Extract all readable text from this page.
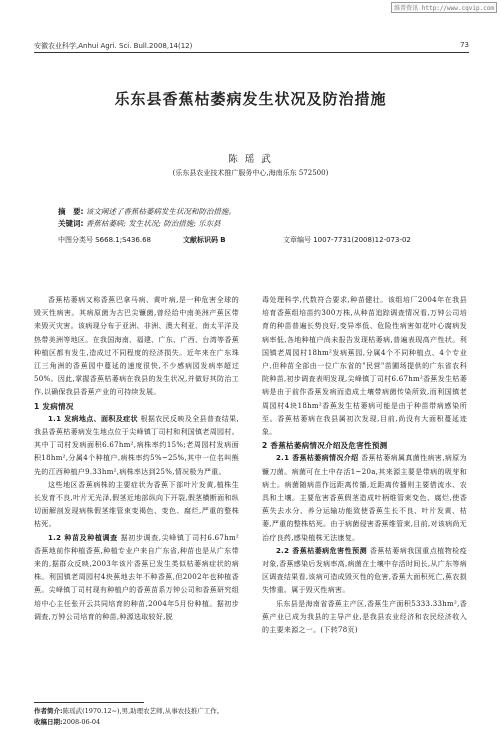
维普资讯 http://www.cqvip.com
安徽农业科学,Anhui Agri. Sci. Bull.2008,14(12)	73
乐东县香蕉枯萎病发生状况及防治措施
陈 瑶 武
(乐东县农业技术推广服务中心,海南乐东 572500)
摘　要: 该文阐述了香蕉枯萎病发生状况和防治措施。
关键词: 香蕉枯萎病; 发生状况; 防治措施; 乐东县
中图分类号 S668.1;S436.68	文献标识码 B	文章编号 1007-7731(2008)12-073-02

香蕉枯萎病又称香蕉巴拿马病、黄叶病,是一种危害全球的毁灭性病害。其病原菌为古巴尖镰菌,曾经给中南美洲产蕉区带来毁灭灾害。该病现分布于亚洲、非洲、澳大利亚、南太平洋及热带美洲等地区。在我国海南、福建、广东、广西、台湾等香蕉种植区都有发生,造成过不同程度的经济损失。近年来在广东珠江三角洲的香蕉园中蔓延的速度很快,不少感病园发病率超过50%。因此,掌握香蕉枯萎病在我县的发生状况,并做好其防治工作,以确保我县香蕉产业的可持续发展。

1 发病情况

1.1 发病地点、面积及症状 根据农民反映及全县普查结果,我县香蕉枯萎病发生地点位于尖峰镇丁司村和利国镇老周园村。其中丁司村发病面积6.67hm²,病株率约15%;老周园村发病面积18hm²,分属4个种植户,病株率约5%~25%,其中一位名叫熊先的江西种植户9.33hm²,病株率达到25%,情况极为严重。

这些地区香蕉病株的主要症状为香蕉下部叶片发黄,植株生长发育不良,叶片无光泽,假茎近地部纵向下开裂,假茎横断面和纵切面解剖发现病株假茎维管束变褐色、变色、腐烂,严重的整株枯死。

1.2 种苗及种植调查 据初步调查,尖峰镇丁司村6.67hm²香蕉地前作种植香蕉,种植专业户来自广东省,种苗也是从广东带来的,据群众反映,2003年该片香蕉已发生类似枯萎病症状的病株。利国镇老周园村4块蕉地去年不种香蕉,但2002年也种植香蕉。尖峰镇丁司村现有种植户的香蕉苗系万钟公司和香蕉研究组培中心主任张开云共同培育的种苗,2004年5月份种植。据初步调查,万钟公司培育的种苗,种源选取较好,脱

毒处理科学,代数符合要求,种苗健壮。该组培厂2004年在我县培育香蕉组培苗约300万株,从种苗追踪调查情况看,万钟公司培育的种苗普遍长势良好,变异率低、危险性病害如花叶心腐病发病率低,各地种植户尚未报告发现枯萎病,普遍表现高产性状。利国镇老周园村18hm²发病蕉园,分属4个不同种植点、4个专业户,但种苗全部由一位广东省的"民营"苗圃场提供的广东省农科院种苗,初步调查表明发现,尖峰镇丁司村6.67hm²香蕉发生枯萎病是由于前作香蕉发病而造成土壤带病菌传染所致,而利国镇老周园村4块18hm²香蕉发生枯萎病可能是由于种苗带病感染所至。香蕉枯萎病在我县属初次发现,目前,尚没有大面积蔓延迹象。

2 香蕉枯萎病情况介绍及危害性预测

2.1 香蕉枯萎病情况介绍 香蕉枯萎病属真菌性病害,病原为镰刀菌。病菌可在土中存活1~20a,其来源主要是带病的吸芽和病土。病菌随病苗作远距离传播,近距离传播则主要借流水、农具和土壤。主要危害香蕉假茎造成叶柄维管束变色、腐烂,使香蕉失去水分、养分运输功能致使香蕉生长不良、叶片发黄、枯萎,严重的整株枯死。由于病菌侵害香蕉维管束,目前,对该病尚无治疗良药,感染植株无法康复。

2.2 香蕉枯萎病危害性预测 香蕉枯萎病我国重点植物检疫对象,香蕉感染后发病率高,病菌在土壤中存活时间长,从广东等病区调查结果看,该病可造成毁灭性的危害,香蕉大面积死亡,蕉农损失惨重。属于毁灭性病害。

乐东县是海南省香蕉主产区,香蕉生产面积5333.33hm²,香蕉产业已成为我县的主导产业,是我县农业经济和农民经济收入的主要来源之一。(下转78页)

作者简介:陈瑶武(1970.12~),男,助理农艺师,从事农技推广工作。
收稿日期:2008-06-04
